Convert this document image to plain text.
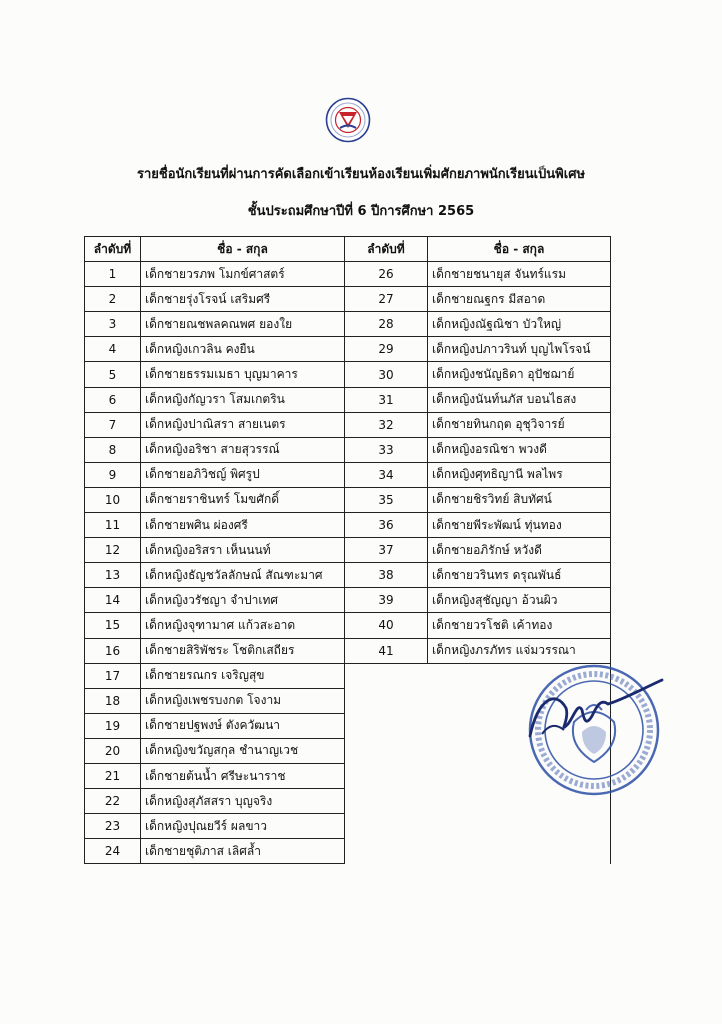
รายชื่อนักเรียนที่ผ่านการคัดเลือกเข้าเรียนห้องเรียนเพิ่มศักยภาพนักเรียนเป็นพิเศษ
ชั้นประถมศึกษาปีที่ 6 ปีการศึกษา 2565
ลำดับที่	ชื่อ - สกุล	ลำดับที่	ชื่อ - สกุล
1	เด็กชายวรภพ โมกข์ศาสตร์	26	เด็กชายชนายุส จันทร์แรม
2	เด็กชายรุ่งโรจน์ เสริมศรี	27	เด็กชายณฐกร มีสอาด
3	เด็กชายณชพลคณพศ ยองใย	28	เด็กหญิงณัฐณิชา บัวใหญ่
4	เด็กหญิงเกวลิน คงยืน	29	เด็กหญิงปภาวรินท์ บุญไพโรจน์
5	เด็กชายธรรมเมธา บุญมาคาร	30	เด็กหญิงชนัญธิดา อุปัชฌาย์
6	เด็กหญิงกัญวรา โสมเกตริน	31	เด็กหญิงนันท์นภัส บอนไธสง
7	เด็กหญิงปาณิสรา สายเนตร	32	เด็กชายทินกฤต อุชุวิจารย์
8	เด็กหญิงอริชา สายสุวรรณ์	33	เด็กหญิงอรณิชา พวงดี
9	เด็กชายอภิวิชญ์ พิศรูป	34	เด็กหญิงศุทธิญานี พลไพร
10	เด็กชายราชินทร์ โมขศักดิ์	35	เด็กชายชิรวิทย์ สิบทัศน์
11	เด็กชายพศิน ผ่องศรี	36	เด็กชายพีระพัฒน์ ทุ่นทอง
12	เด็กหญิงอริสรา เห็นนนท์	37	เด็กชายอภิรักษ์ หวังดี
13	เด็กหญิงธัญชวัลลักษณ์ สัณฑะมาศ	38	เด็กชายวรินทร ดรุณพันธ์
14	เด็กหญิงวรัชญา จำปาเทศ	39	เด็กหญิงสุชัญญา อ้วนผิว
15	เด็กหญิงจุฑามาศ แก้วสะอาด	40	เด็กชายวรโชติ เค้าทอง
16	เด็กชายสิริพัชระ โชติกเสถียร	41	เด็กหญิงภรภัทร แจ่มวรรณา
17	เด็กชายรณกร เจริญสุข		
18	เด็กหญิงเพชรบงกต โจงาม		
19	เด็กชายปฐพงษ์ ตังควัฒนา		
20	เด็กหญิงขวัญสกุล ชำนาญเวช		
21	เด็กชายต้นน้ำ ศรีษะนาราช		
22	เด็กหญิงสุภัสสรา บุญจริง		
23	เด็กหญิงปุณยวีร์ ผลขาว		
24	เด็กชายชุติภาส เลิศล้ำ		
